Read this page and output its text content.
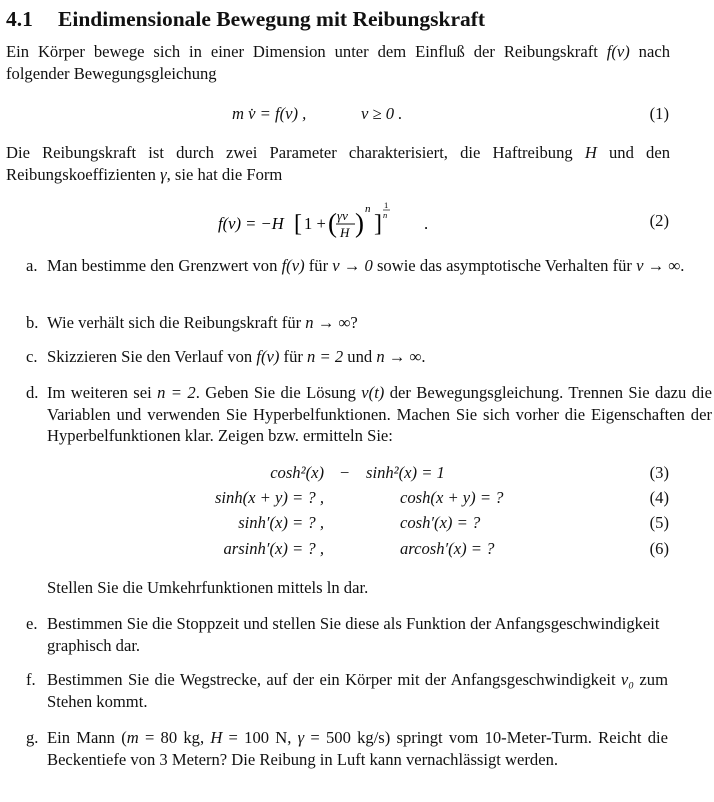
4.1 Eindimensionale Bewegung mit Reibungskraft
Ein Körper bewege sich in einer Dimension unter dem Einfluß der Reibungskraft f(v) nach folgender Bewegungsgleichung
m v̇ = f(v) ,	v ≥ 0 .	(1)
Die Reibungskraft ist durch zwei Parameter charakterisiert, die Haftreibung H und den Reibungskoeffizienten γ, sie hat die Form
f(v) = −H [ 1 + ( γv
H ) n
]
1
n .	(2)
a. Man bestimme den Grenzwert von f(v) für v → 0 sowie das asymptotische Verhalten für v → ∞.
b. Wie verhält sich die Reibungskraft für n → ∞?
c. Skizzieren Sie den Verlauf von f(v) für n = 2 und n → ∞.
d. Im weiteren sei n = 2. Geben Sie die Lösung v(t) der Bewegungsgleichung. Trennen Sie dazu die Variablen und verwenden Sie Hyperbelfunktionen. Machen Sie sich vorher die Eigenschaften der Hyperbelfunktionen klar. Zeigen bzw. ermitteln Sie:
cosh²(x) − sinh²(x) = 1	(3)
sinh(x + y) = ? ,	cosh(x + y) = ?	(4)
sinh′(x) = ? ,	cosh′(x) = ?	(5)
arsinh′(x) = ? ,	arcosh′(x) = ?	(6)
Stellen Sie die Umkehrfunktionen mittels ln dar.
e. Bestimmen Sie die Stoppzeit und stellen Sie diese als Funktion der Anfangsgeschwindigkeit graphisch dar.
f. Bestimmen Sie die Wegstrecke, auf der ein Körper mit der Anfangsgeschwindigkeit v₀ zum Stehen kommt.
g. Ein Mann (m = 80 kg, H = 100 N, γ = 500 kg/s) springt vom 10-Meter-Turm. Reicht die Beckentiefe von 3 Metern? Die Reibung in Luft kann vernachlässigt werden.
